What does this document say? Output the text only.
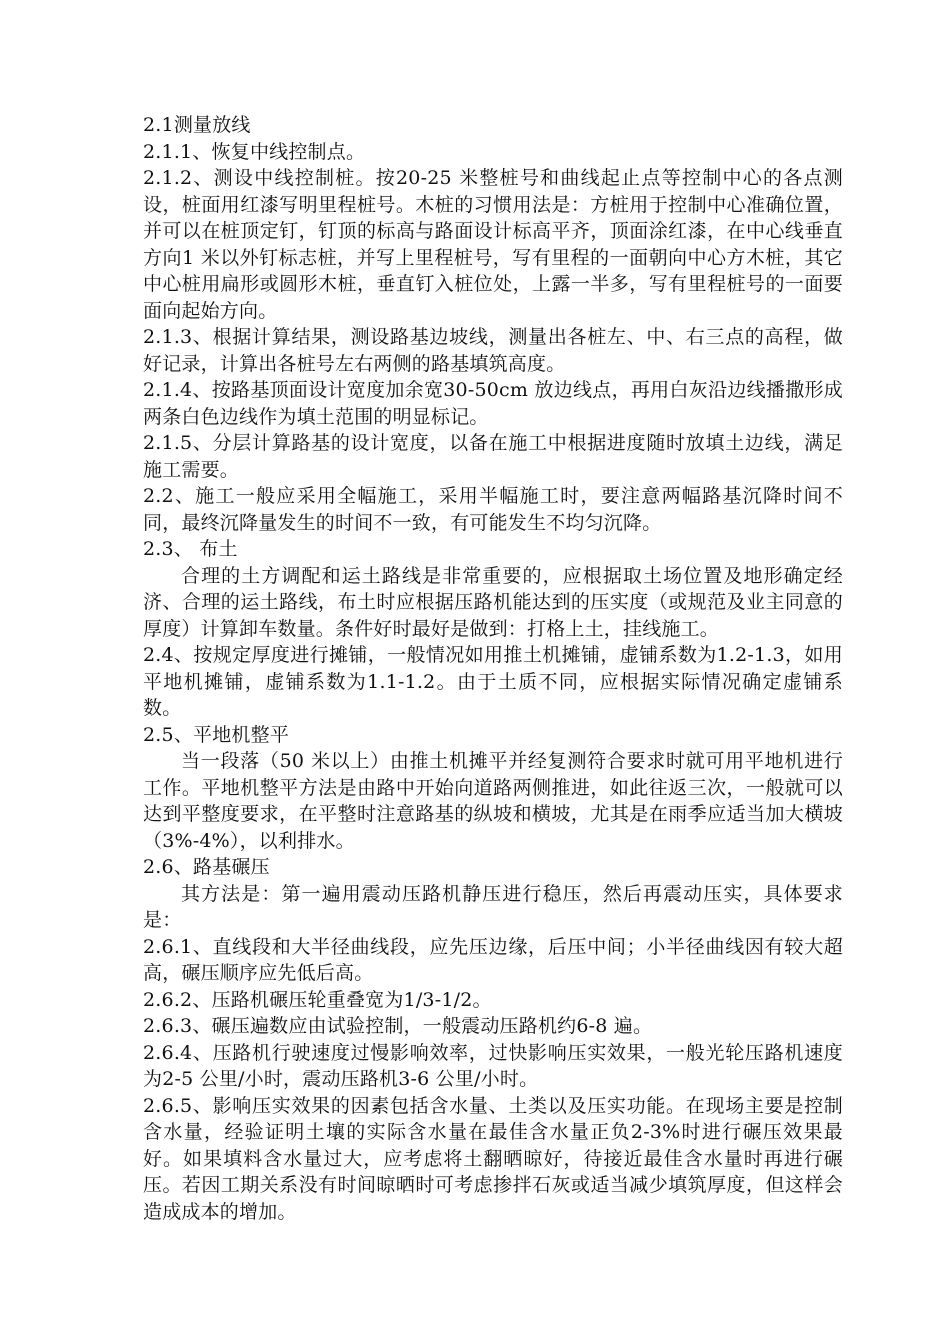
2.1测量放线

2.1.1、恢复中线控制点。

2.1.2、测设中线控制桩。按20-25 米整桩号和曲线起止点等控制中心的各点测设，桩面用红漆写明里程桩号。木桩的习惯用法是：方桩用于控制中心准确位置，并可以在桩顶定钉，钉顶的标高与路面设计标高平齐，顶面涂红漆，在中心线垂直方向1 米以外钉标志桩，并写上里程桩号，写有里程的一面朝向中心方木桩，其它中心桩用扁形或圆形木桩，垂直钉入桩位处，上露一半多，写有里程桩号的一面要面向起始方向。

2.1.3、根据计算结果，测设路基边坡线，测量出各桩左、中、右三点的高程，做好记录，计算出各桩号左右两侧的路基填筑高度。

2.1.4、按路基顶面设计宽度加余宽30-50cm 放边线点，再用白灰沿边线播撒形成两条白色边线作为填土范围的明显标记。

2.1.5、分层计算路基的设计宽度，以备在施工中根据进度随时放填土边线，满足施工需要。

2.2、施工一般应采用全幅施工，采用半幅施工时，要注意两幅路基沉降时间不同，最终沉降量发生的时间不一致，有可能发生不均匀沉降。

2.3、 布土

合理的土方调配和运土路线是非常重要的，应根据取土场位置及地形确定经济、合理的运土路线，布土时应根据压路机能达到的压实度（或规范及业主同意的厚度）计算卸车数量。条件好时最好是做到：打格上土，挂线施工。

2.4、按规定厚度进行摊铺，一般情况如用推土机摊铺，虚铺系数为1.2-1.3，如用平地机摊铺，虚铺系数为1.1-1.2。由于土质不同，应根据实际情况确定虚铺系数。

2.5、平地机整平

当一段落（50 米以上）由推土机摊平并经复测符合要求时就可用平地机进行工作。平地机整平方法是由路中开始向道路两侧推进，如此往返三次，一般就可以达到平整度要求，在平整时注意路基的纵坡和横坡，尤其是在雨季应适当加大横坡（3%-4%），以利排水。

2.6、路基碾压

其方法是：第一遍用震动压路机静压进行稳压，然后再震动压实，具体要求是：

2.6.1、直线段和大半径曲线段，应先压边缘，后压中间；小半径曲线因有较大超高，碾压顺序应先低后高。

2.6.2、压路机碾压轮重叠宽为1/3-1/2。

2.6.3、碾压遍数应由试验控制，一般震动压路机约6-8 遍。

2.6.4、压路机行驶速度过慢影响效率，过快影响压实效果，一般光轮压路机速度为2-5 公里/小时，震动压路机3-6 公里/小时。

2.6.5、影响压实效果的因素包括含水量、土类以及压实功能。在现场主要是控制含水量，经验证明土壤的实际含水量在最佳含水量正负2-3%时进行碾压效果最好。如果填料含水量过大，应考虑将土翻晒晾好，待接近最佳含水量时再进行碾压。若因工期关系没有时间晾晒时可考虑掺拌石灰或适当减少填筑厚度，但这样会造成成本的增加。
